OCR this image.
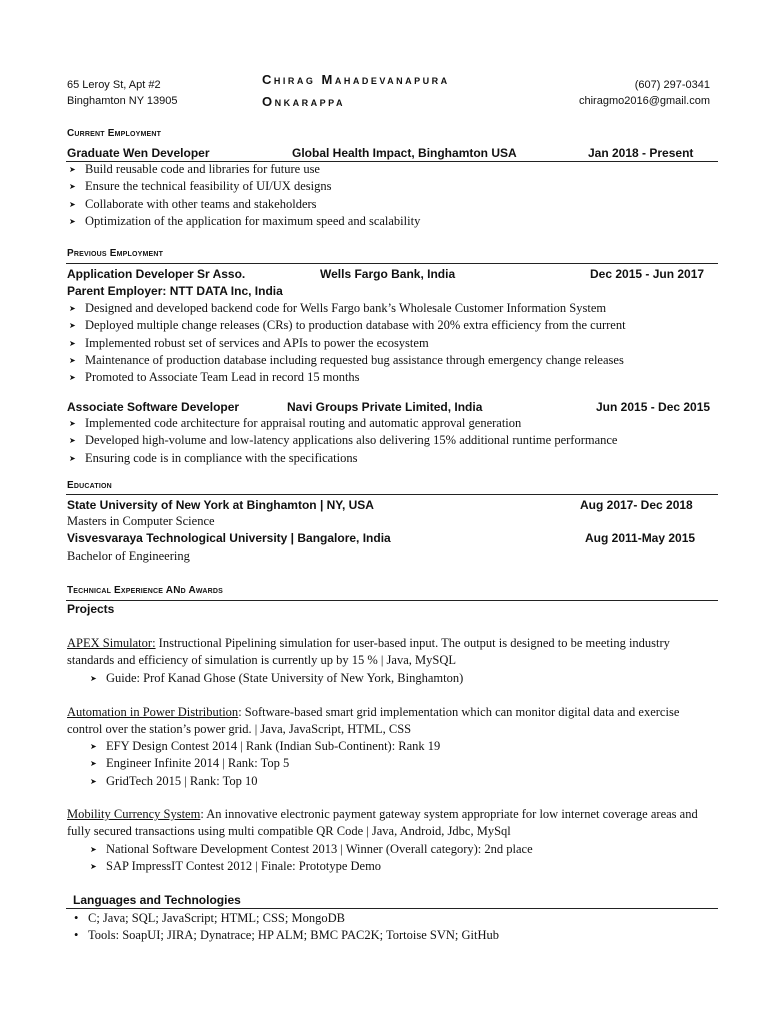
65 Leroy St, Apt #2
Binghamton NY 13905
Chirag Mahadevanapura
Onkarappa
(607) 297-0341
chiragmo2016@gmail.com
Current Employment
Graduate Wen Developer	Global Health Impact, Binghamton USA	Jan 2018 - Present
➤ Build reusable code and libraries for future use
➤ Ensure the technical feasibility of UI/UX designs
➤ Collaborate with other teams and stakeholders
➤ Optimization of the application for maximum speed and scalability
Previous Employment
Application Developer Sr Asso.	Wells Fargo Bank, India	Dec 2015 - Jun 2017
Parent Employer: NTT DATA Inc, India
➤ Designed and developed backend code for Wells Fargo bank’s Wholesale Customer Information System
➤ Deployed multiple change releases (CRs) to production database with 20% extra efficiency from the current
➤ Implemented robust set of services and APIs to power the ecosystem
➤ Maintenance of production database including requested bug assistance through emergency change releases
➤ Promoted to Associate Team Lead in record 15 months
Associate Software Developer	Navi Groups Private Limited, India	Jun 2015 - Dec 2015
➤ Implemented code architecture for appraisal routing and automatic approval generation
➤ Developed high-volume and low-latency applications also delivering 15% additional runtime performance
➤ Ensuring code is in compliance with the specifications
Education
State University of New York at Binghamton | NY, USA	Aug 2017- Dec 2018
Masters in Computer Science
Visvesvaraya Technological University | Bangalore, India	Aug 2011-May 2015
Bachelor of Engineering
Technical Experience ANd Awards
Projects
APEX Simulator: Instructional Pipelining simulation for user-based input. The output is designed to be meeting industry standards and efficiency of simulation is currently up by 15 % | Java, MySQL
➤ Guide: Prof Kanad Ghose (State University of New York, Binghamton)
Automation in Power Distribution: Software-based smart grid implementation which can monitor digital data and exercise control over the station’s power grid. | Java, JavaScript, HTML, CSS
➤ EFY Design Contest 2014 | Rank (Indian Sub-Continent): Rank 19
➤ Engineer Infinite 2014 | Rank: Top 5
➤ GridTech 2015 | Rank: Top 10
Mobility Currency System: An innovative electronic payment gateway system appropriate for low internet coverage areas and fully secured transactions using multi compatible QR Code | Java, Android, Jdbc, MySql
➤ National Software Development Contest 2013 | Winner (Overall category): 2nd place
➤ SAP ImpressIT Contest 2012 | Finale: Prototype Demo
Languages and Technologies
• C; Java; SQL; JavaScript; HTML; CSS; MongoDB
• Tools: SoapUI; JIRA; Dynatrace; HP ALM; BMC PAC2K; Tortoise SVN; GitHub
